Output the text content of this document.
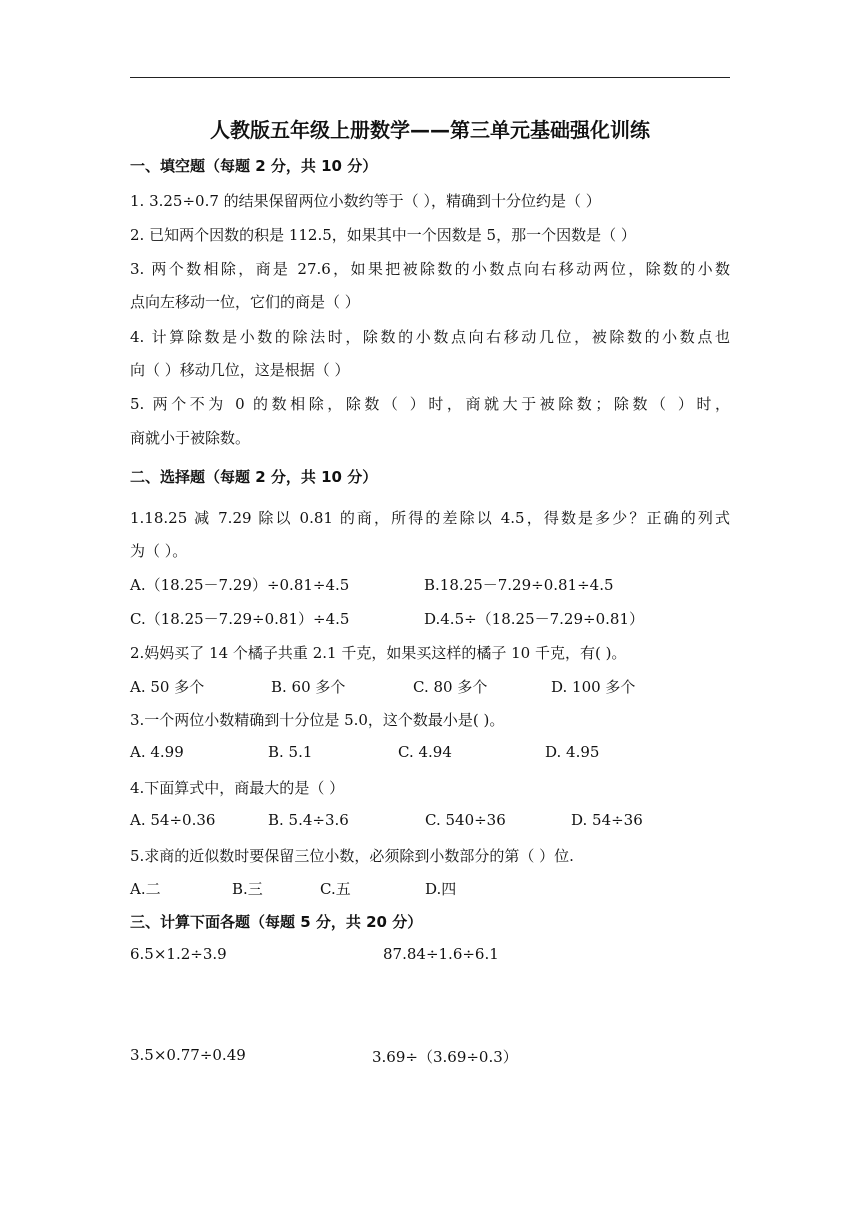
人教版五年级上册数学——第三单元基础强化训练
一、填空题（每题 2 分，共 10 分）
1. 3.25÷0.7 的结果保留两位小数约等于（ ），精确到十分位约是（ ）
2. 已知两个因数的积是 112.5，如果其中一个因数是 5，那一个因数是（ ）
3. 两个数相除，商是 27.6，如果把被除数的小数点向右移动两位，除数的小数
点向左移动一位，它们的商是（ ）
4. 计算除数是小数的除法时，除数的小数点向右移动几位，被除数的小数点也
向（ ）移动几位，这是根据（ ）
5. 两个不为 0 的数相除，除数（ ）时，商就大于被除数；除数（ ）时，
商就小于被除数。
二、选择题（每题 2 分，共 10 分）
1.18.25 减 7.29 除以 0.81 的商，所得的差除以 4.5，得数是多少？正确的列式
为（ ）。
A.（18.25－7.29）÷0.81÷4.5	B.18.25－7.29÷0.81÷4.5
C.（18.25－7.29÷0.81）÷4.5	D.4.5÷（18.25－7.29÷0.81）
2.妈妈买了 14 个橘子共重 2.1 千克，如果买这样的橘子 10 千克，有( )。
A. 50 多个	B. 60 多个	C. 80 多个	D. 100 多个
3.一个两位小数精确到十分位是 5.0，这个数最小是( )。
A. 4.99	B. 5.1	C. 4.94	D. 4.95
4.下面算式中，商最大的是（ ）
A. 54÷0.36	B. 5.4÷3.6	C. 540÷36	D. 54÷36
5.求商的近似数时要保留三位小数，必须除到小数部分的第（ ）位.
A.二	B.三	C.五	D.四
三、计算下面各题（每题 5 分，共 20 分）
6.5×1.2÷3.9	87.84÷1.6÷6.1
3.5×0.77÷0.49	3.69÷（3.69÷0.3）
